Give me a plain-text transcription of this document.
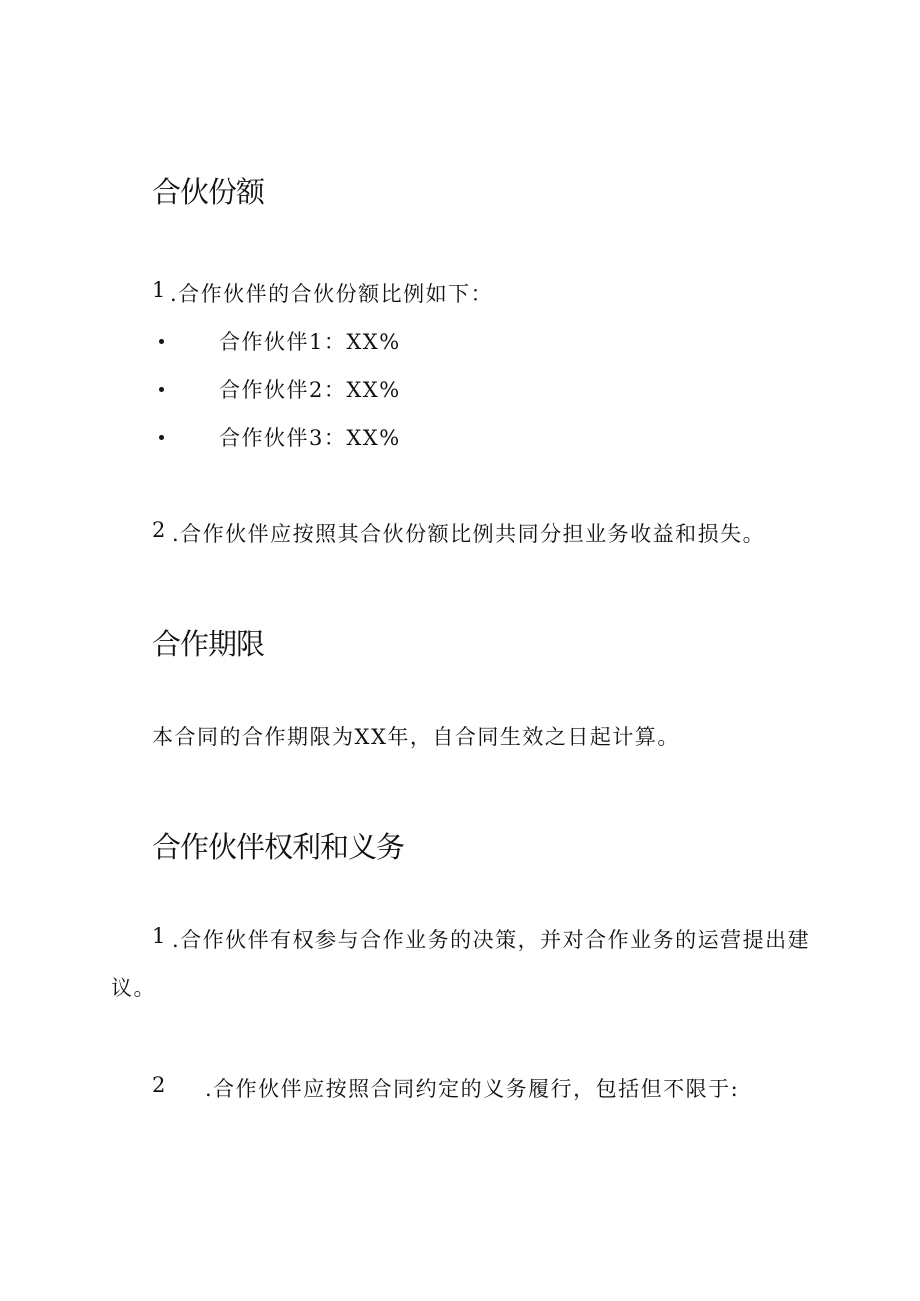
合伙份额
1 .合作伙伴的合伙份额比例如下：
合作伙伴1：XX%
合作伙伴2：XX%
合作伙伴3：XX%
2 .合作伙伴应按照其合伙份额比例共同分担业务收益和损失。
合作期限
本合同的合作期限为XX年，自合同生效之日起计算。
合作伙伴权利和义务
1 .合作伙伴有权参与合作业务的决策，并对合作业务的运营提出建
议。
2 .合作伙伴应按照合同约定的义务履行，包括但不限于:
